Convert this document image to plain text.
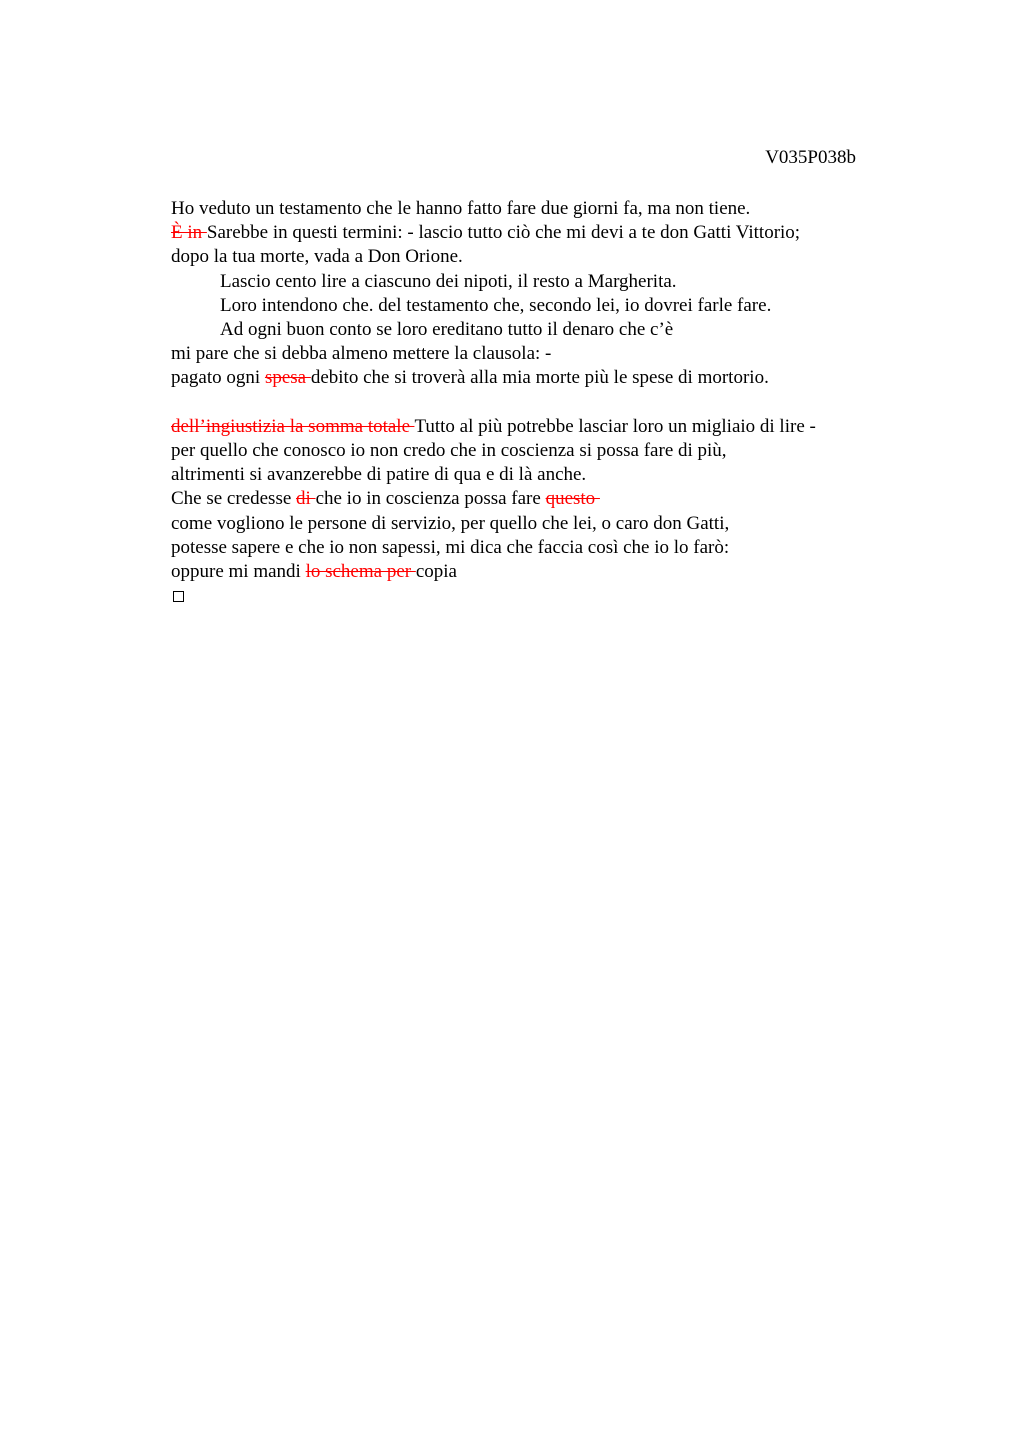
V035P038b
Ho veduto un testamento che le hanno fatto fare due giorni fa, ma non tiene.
È in Sarebbe in questi termini: - lascio tutto ciò che mi devi a te don Gatti Vittorio;
dopo la tua morte, vada a Don Orione.
Lascio cento lire a ciascuno dei nipoti, il resto a Margherita.
Loro intendono che. del testamento che, secondo lei, io dovrei farle fare.
Ad ogni buon conto se loro ereditano tutto il denaro che c’è
mi pare che si debba almeno mettere la clausola: -
pagato ogni spesa debito che si troverà alla mia morte più le spese di mortorio.
dell’ingiustizia la somma totale Tutto al più potrebbe lasciar loro un migliaio di lire -
per quello che conosco io non credo che in coscienza si possa fare di più,
altrimenti si avanzerebbe di patire di qua e di là anche.
Che se credesse di che io in coscienza possa fare questo
come vogliono le persone di servizio, per quello che lei, o caro don Gatti,
potesse sapere e che io non sapessi, mi dica che faccia così che io lo farò:
oppure mi mandi lo schema per copia
